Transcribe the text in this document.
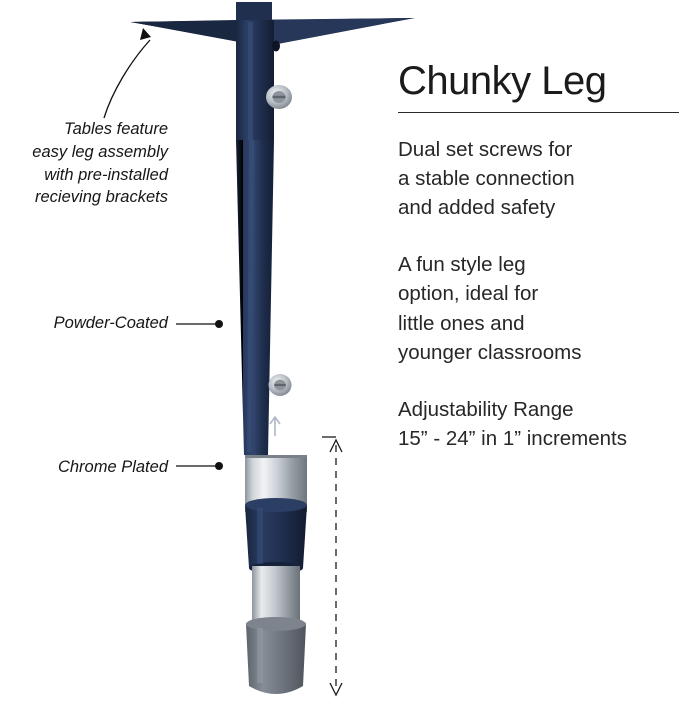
Tables feature
easy leg assembly
with pre-installed
recieving brackets
Powder-Coated
Chrome Plated
Chunky Leg

Dual set screws for
a stable connection
and added safety

A fun style leg
option, ideal for
little ones and
younger classrooms

Adjustability Range
15” - 24” in 1” increments
